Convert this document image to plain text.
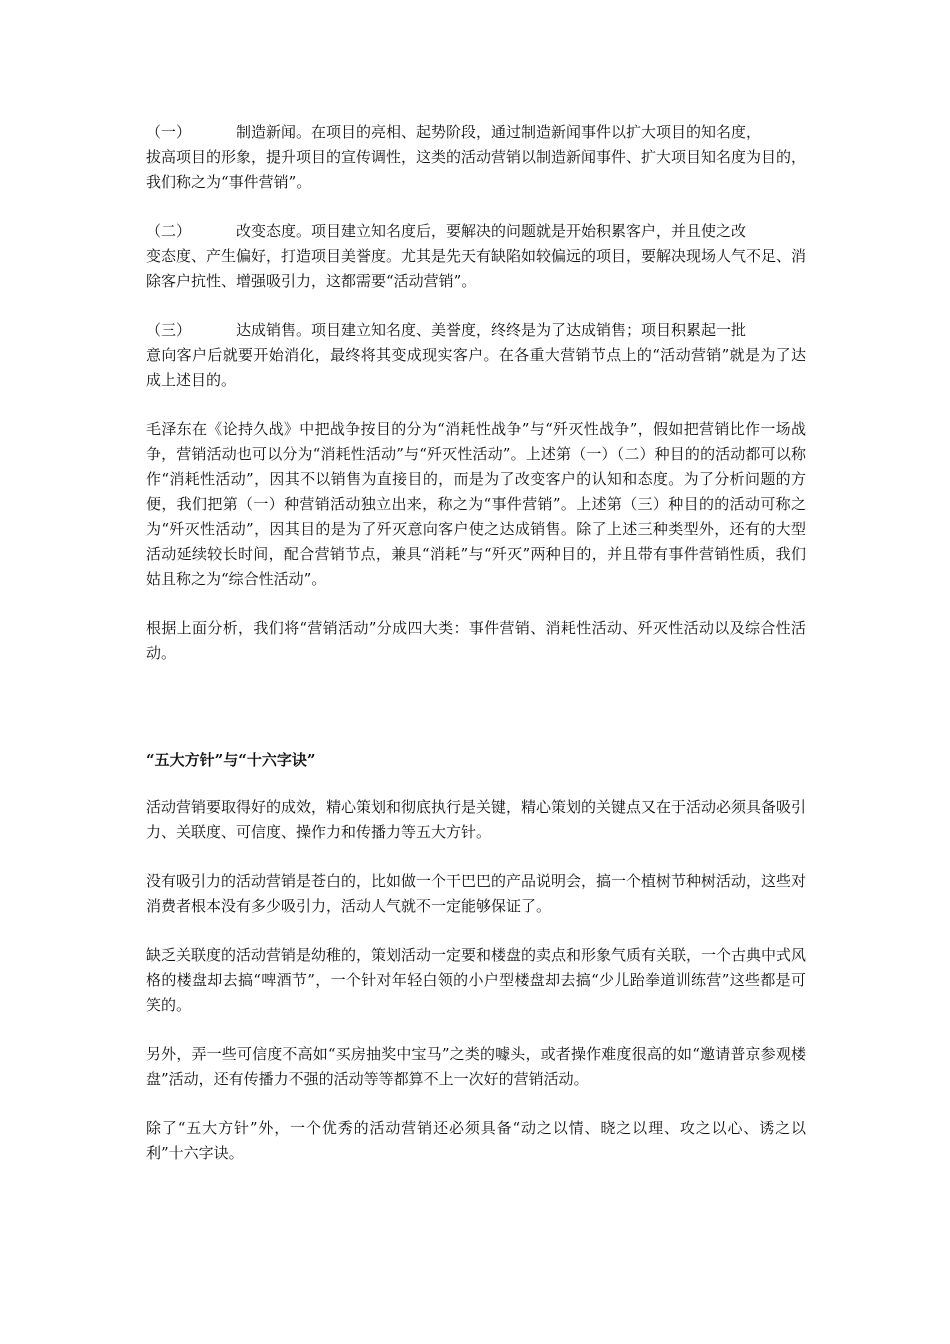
（一）	制造新闻。在项目的亮相、起势阶段，通过制造新闻事件以扩大项目的知名度，

拔高项目的形象，提升项目的宣传调性，这类的活动营销以制造新闻事件、扩大项目知名度为目的，我们称之为“事件营销”。

（二）	改变态度。项目建立知名度后，要解决的问题就是开始积累客户，并且使之改

变态度、产生偏好，打造项目美誉度。尤其是先天有缺陷如较偏远的项目，要解决现场人气不足、消除客户抗性、增强吸引力，这都需要“活动营销”。

（三）	达成销售。项目建立知名度、美誉度，终终是为了达成销售；项目积累起一批

意向客户后就要开始消化，最终将其变成现实客户。在各重大营销节点上的“活动营销”就是为了达成上述目的。

毛泽东在《论持久战》中把战争按目的分为“消耗性战争”与“歼灭性战争”，假如把营销比作一场战争，营销活动也可以分为“消耗性活动”与“歼灭性活动”。上述第（一）（二）种目的的活动都可以称作“消耗性活动”，因其不以销售为直接目的，而是为了改变客户的认知和态度。为了分析问题的方便，我们把第（一）种营销活动独立出来，称之为“事件营销”。上述第（三）种目的的活动可称之为“歼灭性活动”，因其目的是为了歼灭意向客户使之达成销售。除了上述三种类型外，还有的大型活动延续较长时间，配合营销节点，兼具“消耗”与“歼灭”两种目的，并且带有事件营销性质，我们姑且称之为“综合性活动”。

根据上面分析，我们将“营销活动”分成四大类：事件营销、消耗性活动、歼灭性活动以及综合性活动。

“五大方针”与“十六字诀”

活动营销要取得好的成效，精心策划和彻底执行是关键，精心策划的关键点又在于活动必须具备吸引力、关联度、可信度、操作力和传播力等五大方针。

没有吸引力的活动营销是苍白的，比如做一个干巴巴的产品说明会，搞一个植树节种树活动，这些对消费者根本没有多少吸引力，活动人气就不一定能够保证了。

缺乏关联度的活动营销是幼稚的，策划活动一定要和楼盘的卖点和形象气质有关联，一个古典中式风格的楼盘却去搞“啤酒节”，一个针对年轻白领的小户型楼盘却去搞“少儿跆拳道训练营”这些都是可笑的。

另外，弄一些可信度不高如“买房抽奖中宝马”之类的噱头，或者操作难度很高的如“邀请普京参观楼盘”活动，还有传播力不强的活动等等都算不上一次好的营销活动。

除了“五大方针”外，一个优秀的活动营销还必须具备“动之以情、晓之以理、攻之以心、诱之以利”十六字诀。
